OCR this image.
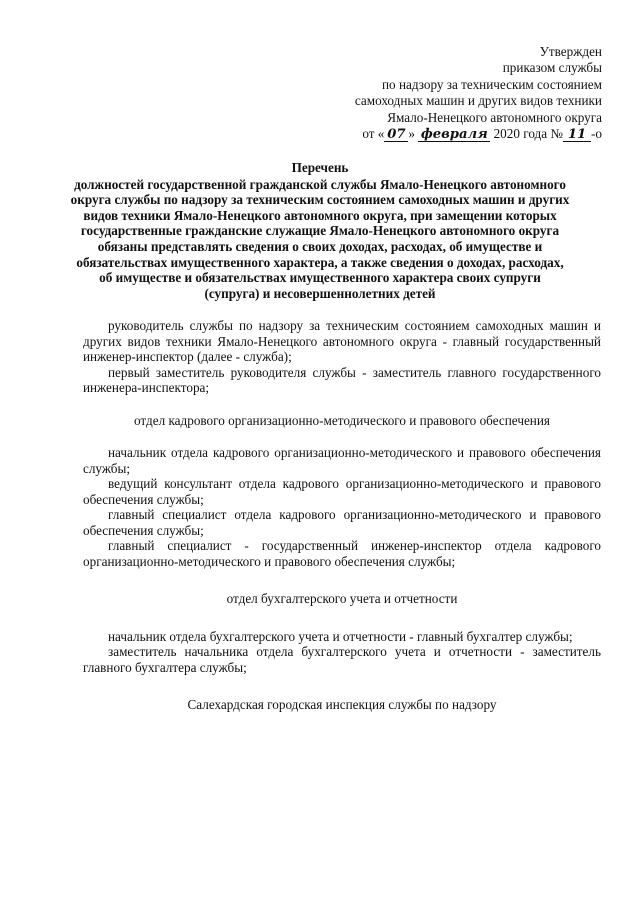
Утвержден
приказом службы
по надзору за техническим состоянием
самоходных машин и других видов техники
Ямало-Ненецкого автономного округа
от « 07 » февраля 2020 года № 11 -о
Перечень
должностей государственной гражданской службы Ямало-Ненецкого автономного округа службы по надзору за техническим состоянием самоходных машин и других видов техники Ямало-Ненецкого автономного округа, при замещении которых государственные гражданские служащие Ямало-Ненецкого автономного округа обязаны представлять сведения о своих доходах, расходах, об имуществе и обязательствах имущественного характера, а также сведения о доходах, расходах, об имуществе и обязательствах имущественного характера своих супруги (супруга) и несовершеннолетних детей

руководитель службы по надзору за техническим состоянием самоходных машин и других видов техники Ямало-Ненецкого автономного округа - главный государственный инженер-инспектор (далее - служба);

первый заместитель руководителя службы - заместитель главного государственного инженера-инспектора;

отдел кадрового организационно-методического и правового обеспечения

начальник отдела кадрового организационно-методического и правового обеспечения службы;

ведущий консультант отдела кадрового организационно-методического и правового обеспечения службы;

главный специалист отдела кадрового организационно-методического и правового обеспечения службы;

главный специалист - государственный инженер-инспектор отдела кадрового организационно-методического и правового обеспечения службы;

отдел бухгалтерского учета и отчетности

начальник отдела бухгалтерского учета и отчетности - главный бухгалтер службы;

заместитель начальника отдела бухгалтерского учета и отчетности - заместитель главного бухгалтера службы;

Салехардская городская инспекция службы по надзору
